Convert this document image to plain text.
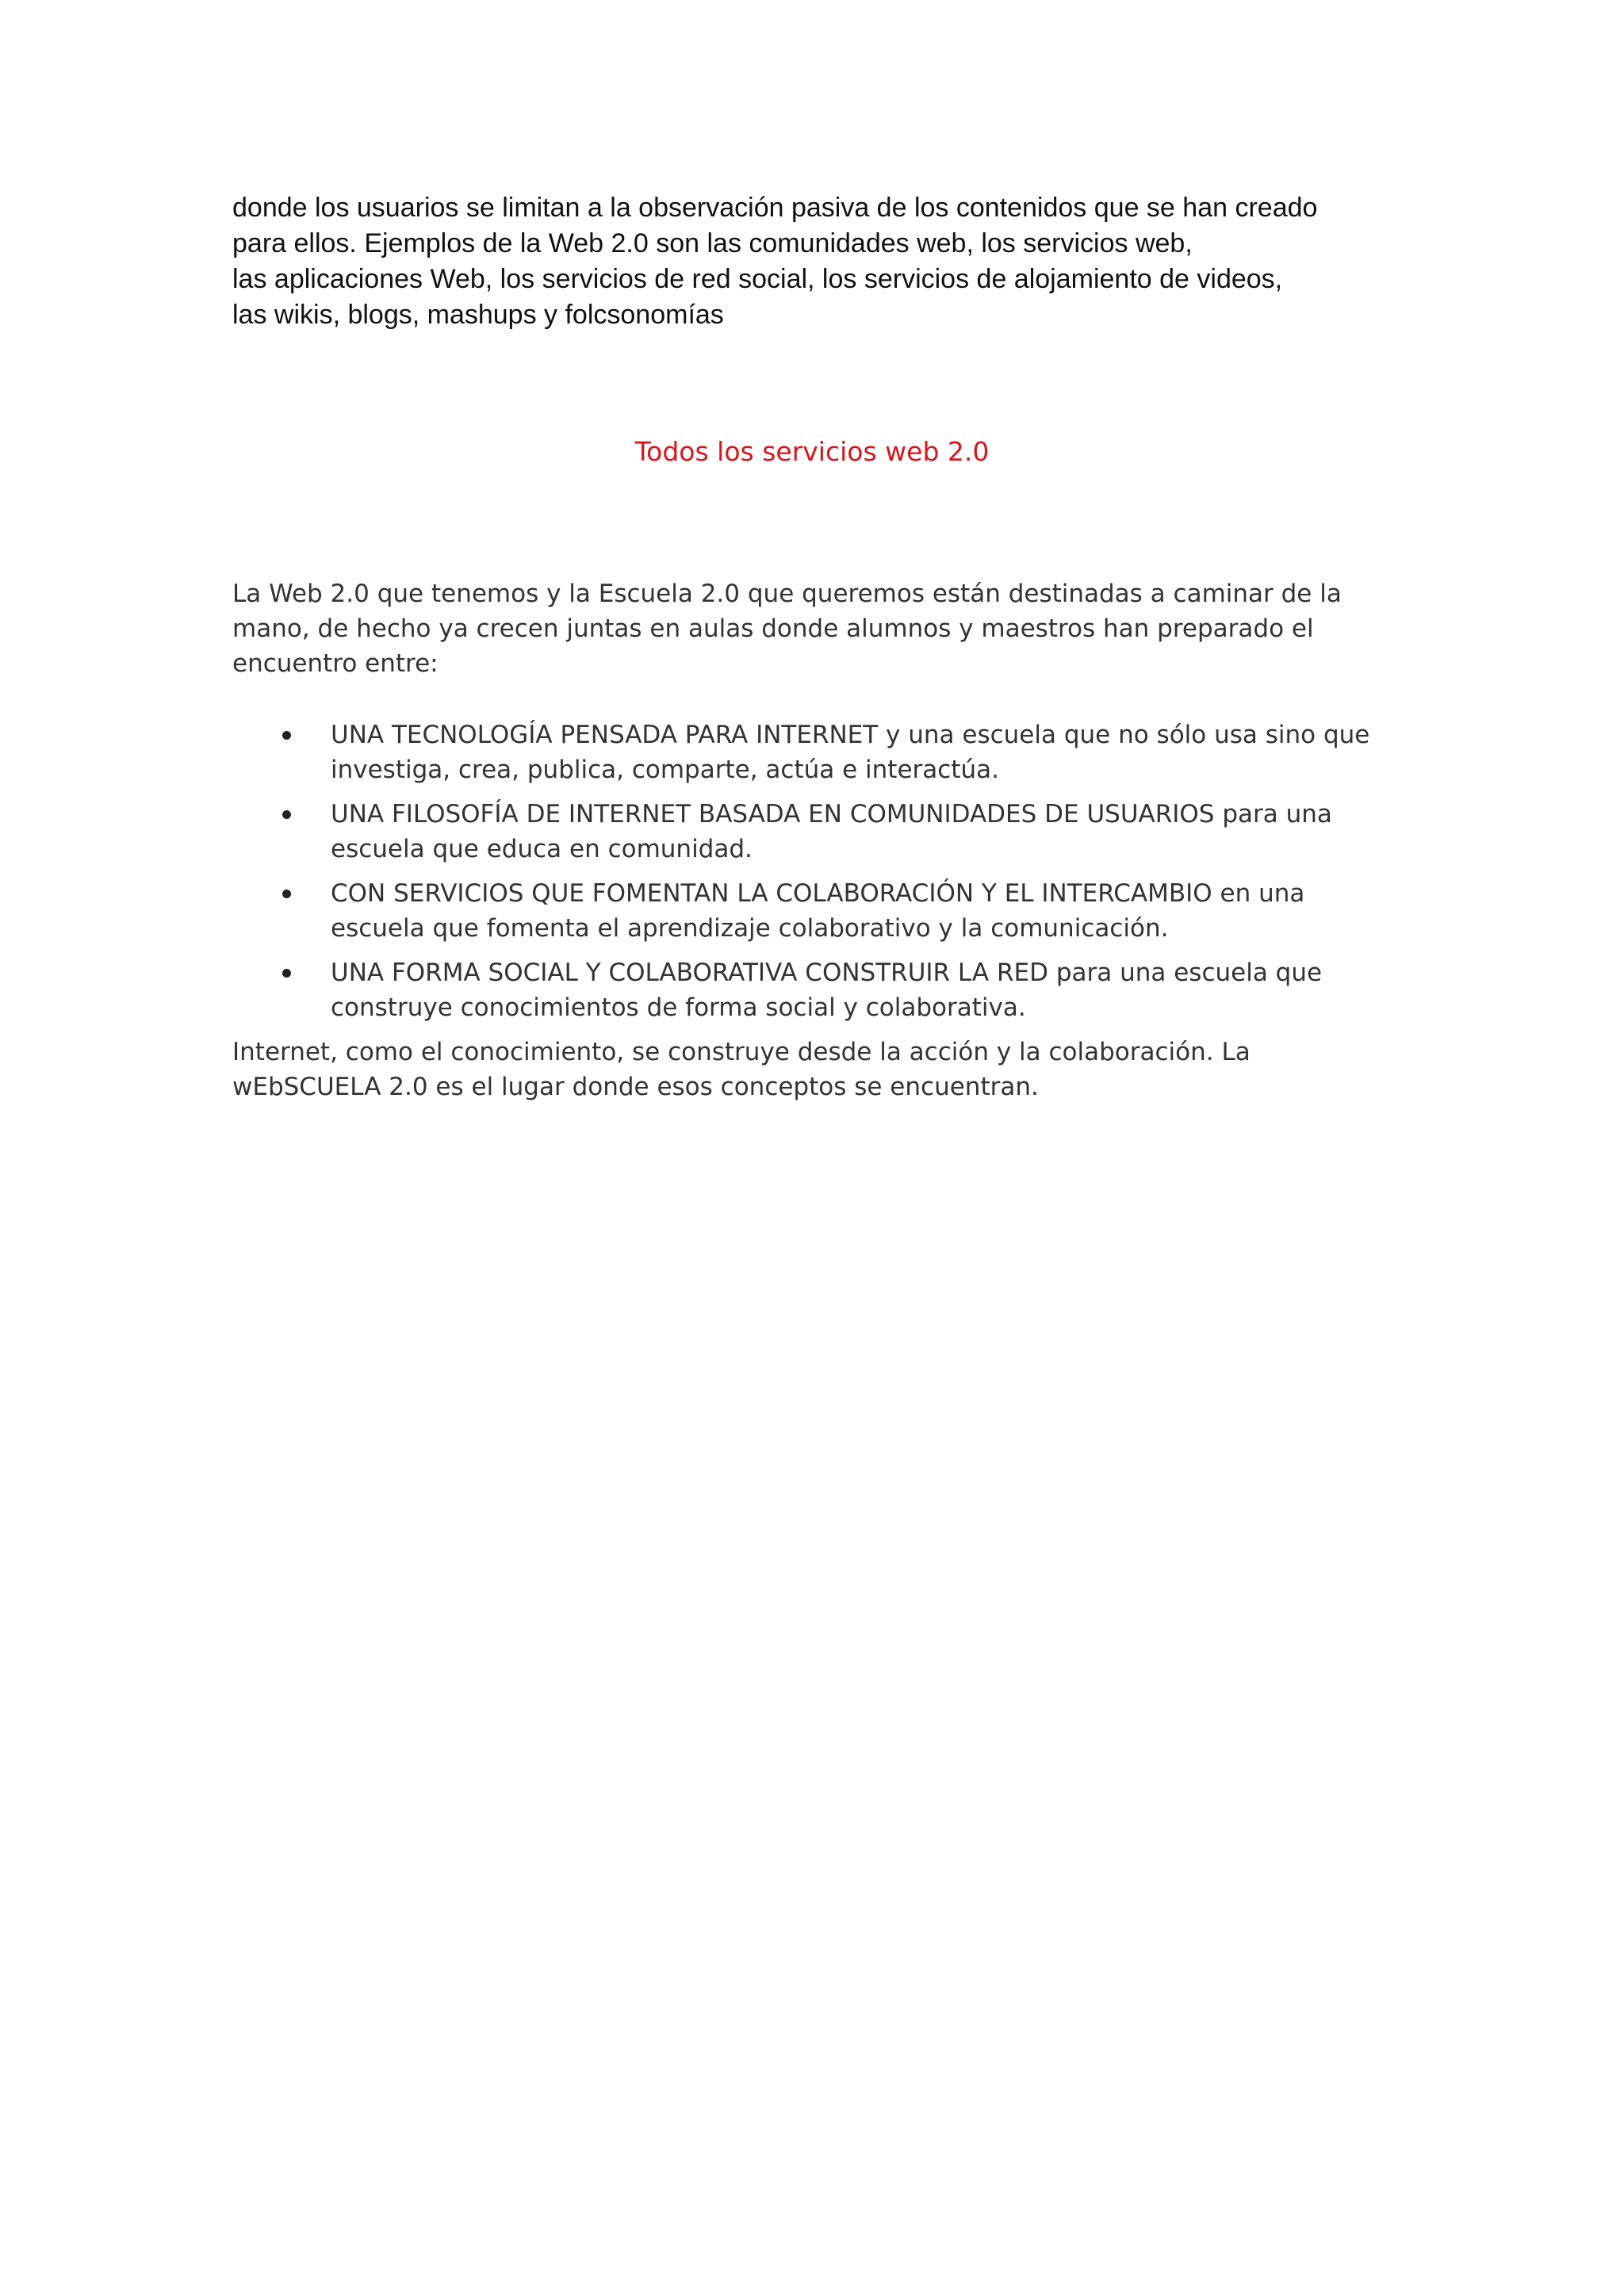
donde los usuarios se limitan a la observación pasiva de los contenidos que se han creado
para ellos. Ejemplos de la Web 2.0 son las comunidades web, los servicios web,
las aplicaciones Web, los servicios de red social, los servicios de alojamiento de videos,
las wikis, blogs, mashups y folcsonomías
Todos los servicios web 2.0
La Web 2.0 que tenemos y la Escuela 2.0 que queremos están destinadas a caminar de la
mano, de hecho ya crecen juntas en aulas donde alumnos y maestros han preparado el
encuentro entre:
UNA TECNOLOGÍA PENSADA PARA INTERNET y una escuela que no sólo usa sino que
investiga, crea, publica, comparte, actúa e interactúa.
UNA FILOSOFÍA DE INTERNET BASADA EN COMUNIDADES DE USUARIOS para una
escuela que educa en comunidad.
CON SERVICIOS QUE FOMENTAN LA COLABORACIÓN Y EL INTERCAMBIO en una
escuela que fomenta el aprendizaje colaborativo y la comunicación.
UNA FORMA SOCIAL Y COLABORATIVA CONSTRUIR LA RED para una escuela que
construye conocimientos de forma social y colaborativa.
Internet, como el conocimiento, se construye desde la acción y la colaboración. La
wEbSCUELA 2.0 es el lugar donde esos conceptos se encuentran.
